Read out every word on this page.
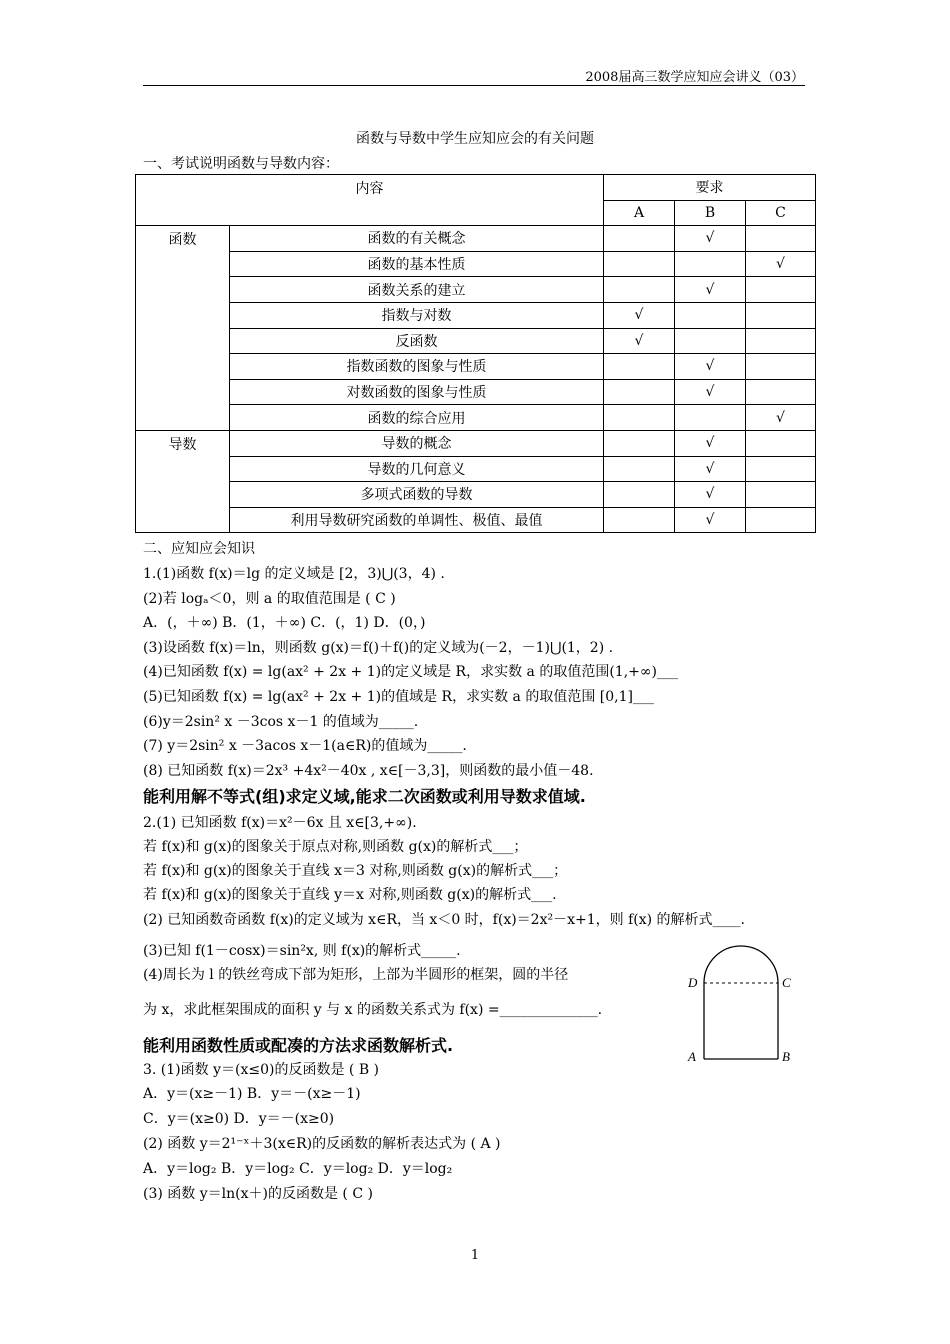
2008届高三数学应知应会讲义（03）
函数与导数中学生应知应会的有关问题
一、考试说明函数与导数内容：
内容		要求		
		A	B	C
函数	函数的有关概念		√	
	函数的基本性质			√
	函数关系的建立		√	
	指数与对数	√		
	反函数	√		
	指数函数的图象与性质		√	
	对数函数的图象与性质		√	
	函数的综合应用			√
导数	导数的概念		√	
	导数的几何意义		√	
	多项式函数的导数		√	
	利用导数研究函数的单调性、极值、最值		√	
二、应知应会知识
1.(1)函数 f(x)＝lg 的定义域是 [2，3)⋃(3，4) .
(2)若 logₐ＜0，则 a 的取值范围是 ( C )
A．(，＋∞) B．(1，＋∞) C．(，1) D．(0，)
(3)设函数 f(x)＝ln，则函数 g(x)＝f()＋f()的定义域为(－2，－1)⋃(1，2) .
(4)已知函数 f(x) = lg(ax² + 2x + 1)的定义域是 R，求实数 a 的取值范围(1,+∞)___
(5)已知函数 f(x) = lg(ax² + 2x + 1)的值域是 R，求实数 a 的取值范围 [0,1]___
(6)y＝2sin² x －3cos x－1 的值域为_____.
(7) y＝2sin² x －3acos x－1(a∈R)的值域为_____.
(8) 已知函数 f(x)＝2x³ +4x²－40x , x∈[－3,3]，则函数的最小值－48.
能利用解不等式(组)求定义域,能求二次函数或利用导数求值域.
2.(1) 已知函数 f(x)＝x²－6x 且 x∈[3,+∞).
若 f(x)和 g(x)的图象关于原点对称,则函数 g(x)的解析式___；
若 f(x)和 g(x)的图象关于直线 x＝3 对称,则函数 g(x)的解析式___；
若 f(x)和 g(x)的图象关于直线 y＝x 对称,则函数 g(x)的解析式___.
(2) 已知函数奇函数 f(x)的定义域为 x∈R，当 x＜0 时，f(x)＝2x²－x+1，则 f(x) 的解析式____.
(3)已知 f(1－cosx)＝sin²x, 则 f(x)的解析式_____.
(4)周长为 l 的铁丝弯成下部为矩形，上部为半圆形的框架，圆的半径
为 x，求此框架围成的面积 y 与 x 的函数关系式为 f(x) =______________.
能利用函数性质或配凑的方法求函数解析式.
3. (1)函数 y＝(x≤0)的反函数是 ( B )
A．y＝(x≥－1) B．y＝－(x≥－1)
C．y＝(x≥0) D．y＝－(x≥0)
(2) 函数 y＝2¹⁻ˣ＋3(x∈R)的反函数的解析表达式为 ( A )
A．y＝log₂ B．y＝log₂ C．y＝log₂ D．y＝log₂
(3) 函数 y＝ln(x＋)的反函数是 ( C )
D	C
A	B
1
